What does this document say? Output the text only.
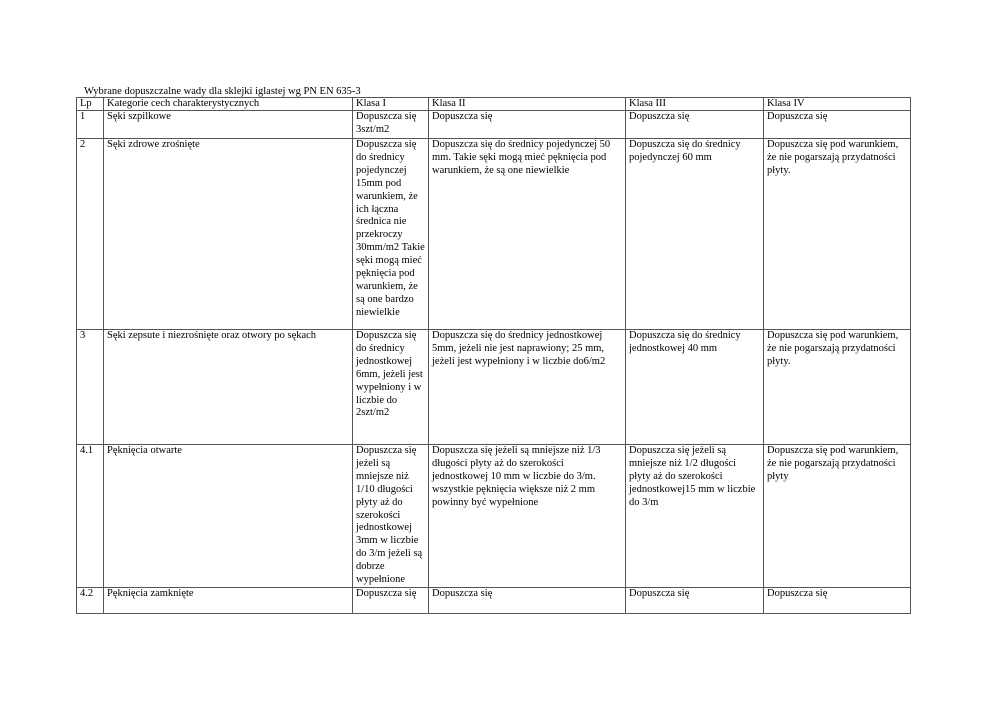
Wybrane dopuszczalne wady dla sklejki iglastej wg PN EN 635-3
Lp	Kategorie cech charakterystycznych	Klasa I	Klasa II	Klasa III	Klasa IV
1	Sęki szpilkowe	Dopuszcza się 3szt/m2	Dopuszcza się	Dopuszcza się	Dopuszcza się
2	Sęki zdrowe zrośnięte	Dopuszcza się do średnicy pojedynczej 15mm pod warunkiem, że ich łączna średnica nie przekroczy 30mm/m2 Takie sęki mogą mieć pęknięcia pod warunkiem, że są one bardzo niewielkie	Dopuszcza się do średnicy pojedynczej 50 mm. Takie sęki mogą mieć pęknięcia pod warunkiem, że są one niewielkie	Dopuszcza się do średnicy pojedynczej 60 mm	Dopuszcza się pod warunkiem, że nie pogarszają przydatności płyty.
3	Sęki zepsute i niezrośnięte oraz otwory po sękach	Dopuszcza się do średnicy jednostkowej 6mm, jeżeli jest wypełniony i w liczbie do 2szt/m2	Dopuszcza się do średnicy jednostkowej 5mm, jeżeli nie jest naprawiony; 25 mm, jeżeli jest wypełniony i w liczbie do6/m2	Dopuszcza się do średnicy jednostkowej 40 mm	Dopuszcza się pod warunkiem, że nie pogarszają przydatności płyty.
4.1	Pęknięcia otwarte	Dopuszcza się jeżeli są mniejsze niż 1/10 długości płyty aż do szerokości jednostkowej 3mm w liczbie do 3/m jeżeli są dobrze wypełnione	Dopuszcza się jeżeli są mniejsze niż 1/3 długości płyty aż do szerokości jednostkowej 10 mm w liczbie do 3/m. wszystkie pęknięcia większe niż 2 mm powinny być wypełnione	Dopuszcza się jeżeli są mniejsze niż 1/2 długości płyty aż do szerokości jednostkowej15 mm w liczbie do 3/m	Dopuszcza się pod warunkiem, że nie pogarszają przydatności płyty
4.2	Pęknięcia zamknięte	Dopuszcza się	Dopuszcza się	Dopuszcza się	Dopuszcza się
